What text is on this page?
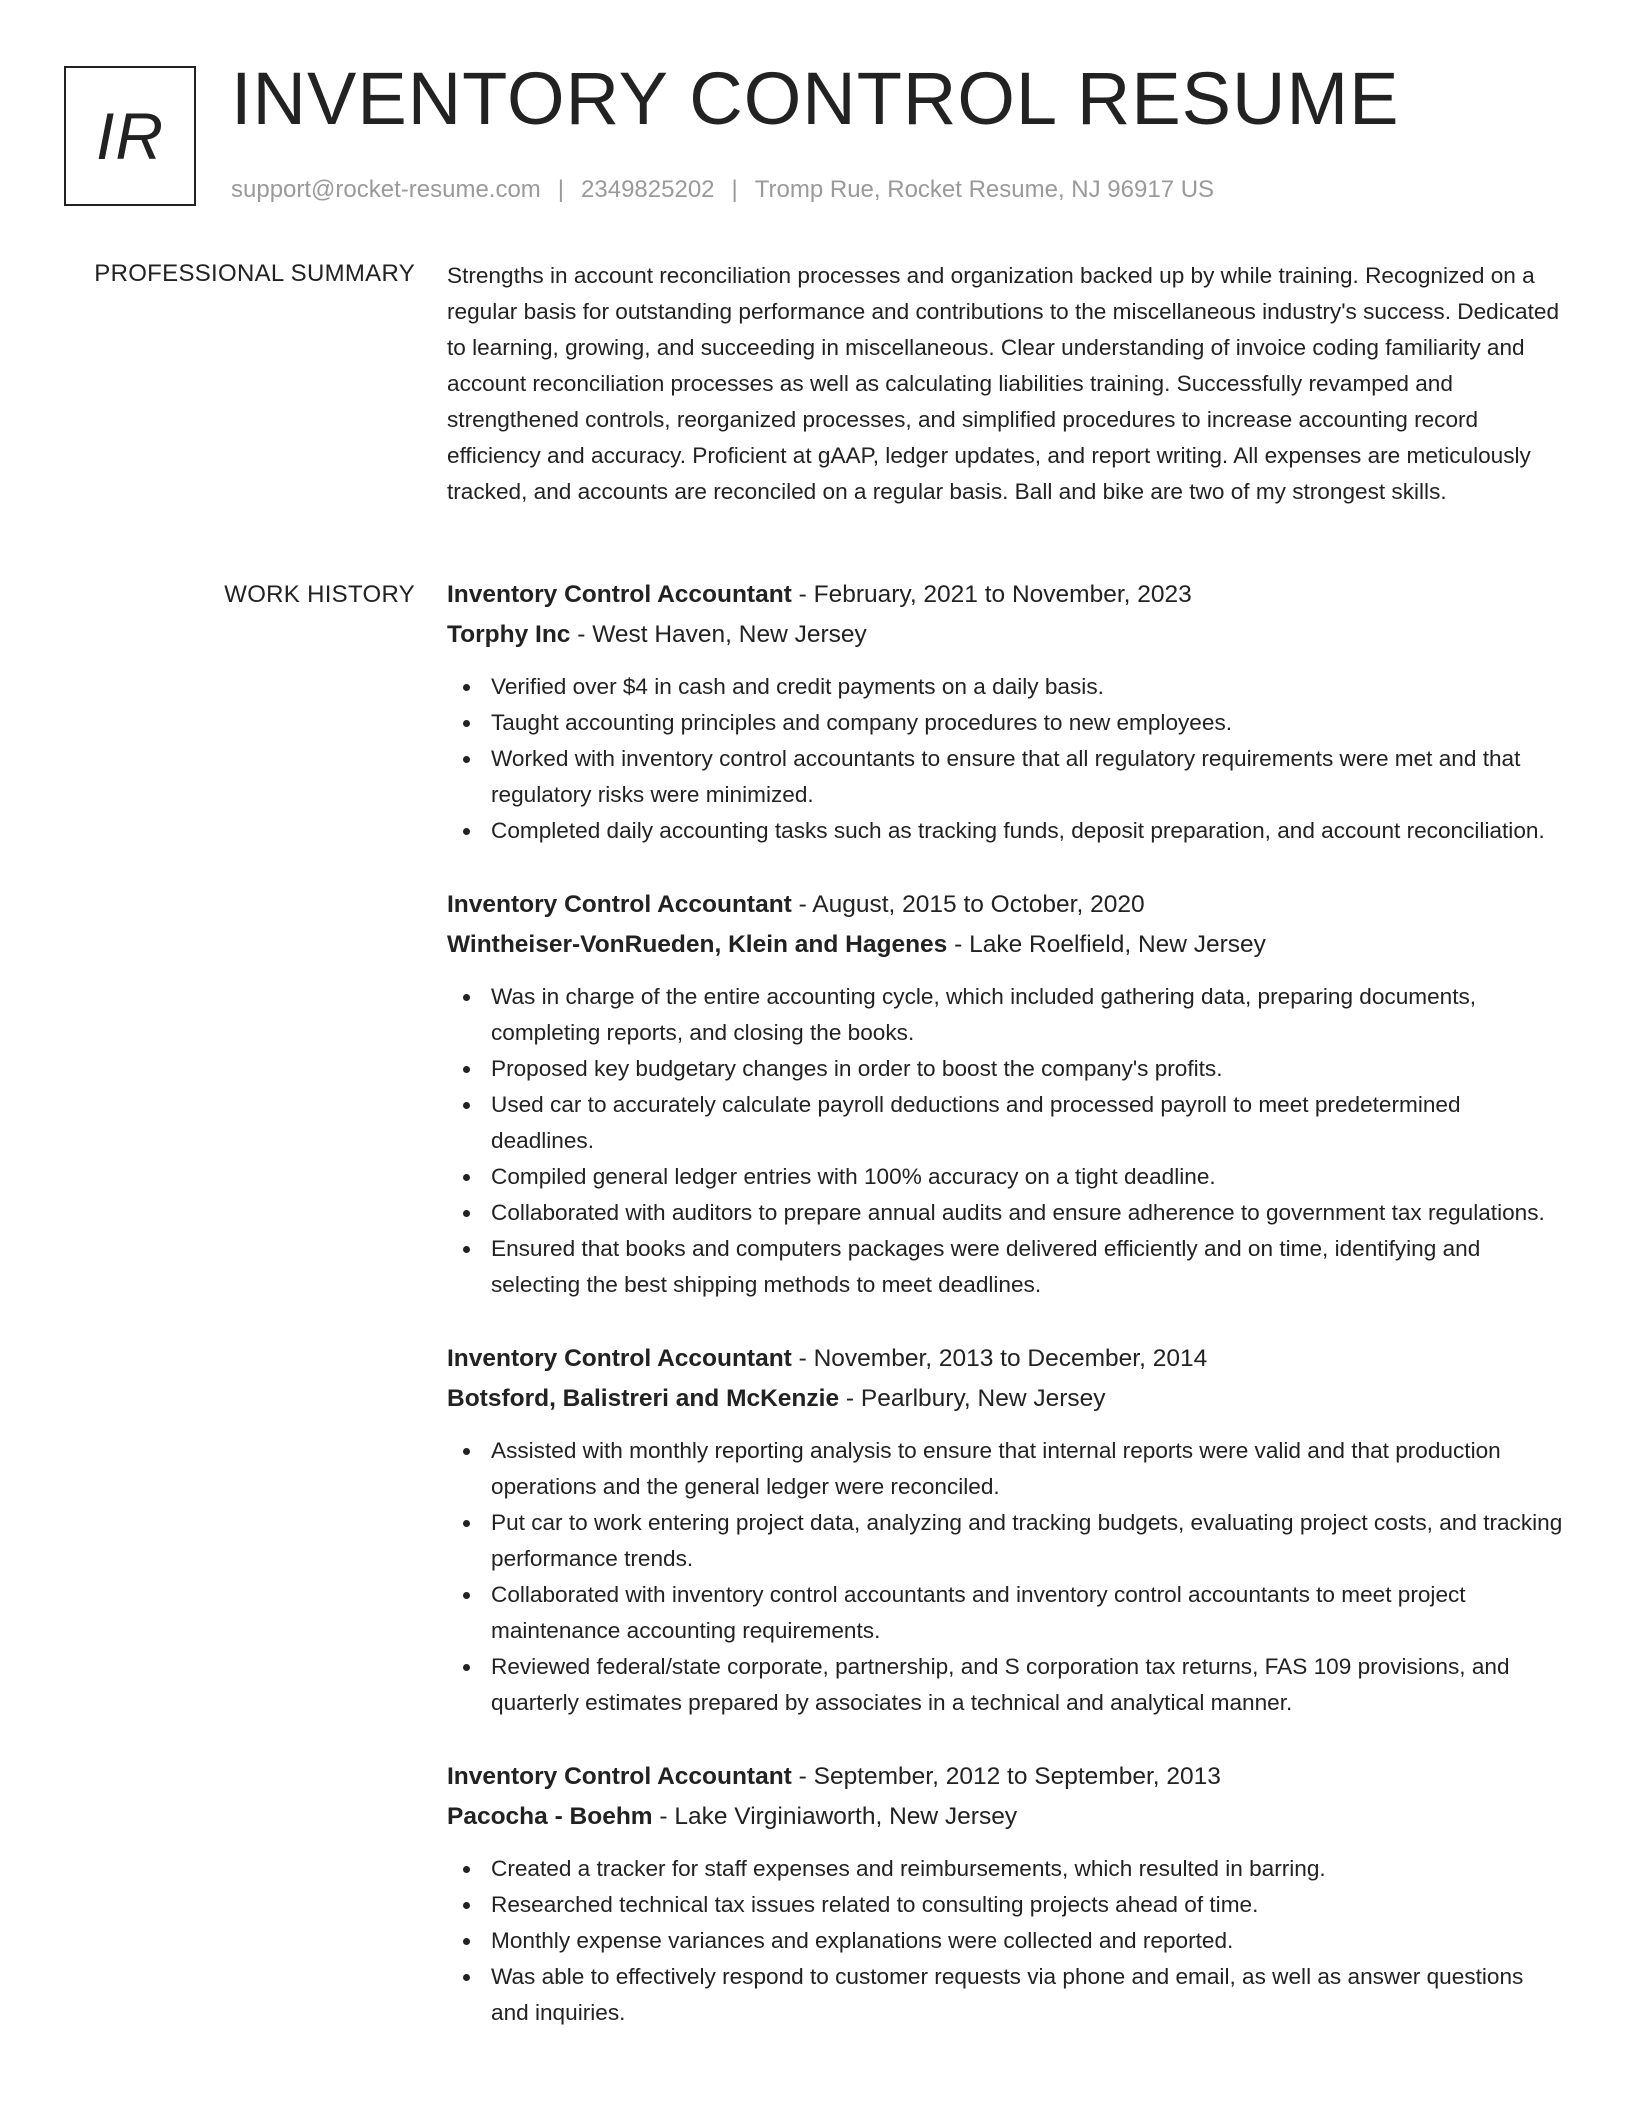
IR INVENTORY CONTROL RESUME
support@rocket-resume.com | 2349825202 | Tromp Rue, Rocket Resume, NJ 96917 US
PROFESSIONAL SUMMARY Strengths in account reconciliation processes and organization backed up by while training. Recognized on a regular basis for outstanding performance and contributions to the miscellaneous industry's success. Dedicated to learning, growing, and succeeding in miscellaneous. Clear understanding of invoice coding familiarity and account reconciliation processes as well as calculating liabilities training. Successfully revamped and strengthened controls, reorganized processes, and simplified procedures to increase accounting record efficiency and accuracy. Proficient at gAAP, ledger updates, and report writing. All expenses are meticulously tracked, and accounts are reconciled on a regular basis. Ball and bike are two of my strongest skills.

WORK HISTORY Inventory Control Accountant - February, 2021 to November, 2023
Torphy Inc - West Haven, New Jersey
Verified over $4 in cash and credit payments on a daily basis.
Taught accounting principles and company procedures to new employees.
Worked with inventory control accountants to ensure that all regulatory requirements were met and that regulatory risks were minimized.
Completed daily accounting tasks such as tracking funds, deposit preparation, and account reconciliation.
Inventory Control Accountant - August, 2015 to October, 2020
Wintheiser-VonRueden, Klein and Hagenes - Lake Roelfield, New Jersey
Was in charge of the entire accounting cycle, which included gathering data, preparing documents, completing reports, and closing the books.
Proposed key budgetary changes in order to boost the company's profits.
Used car to accurately calculate payroll deductions and processed payroll to meet predetermined deadlines.
Compiled general ledger entries with 100% accuracy on a tight deadline.
Collaborated with auditors to prepare annual audits and ensure adherence to government tax regulations.
Ensured that books and computers packages were delivered efficiently and on time, identifying and selecting the best shipping methods to meet deadlines.
Inventory Control Accountant - November, 2013 to December, 2014
Botsford, Balistreri and McKenzie - Pearlbury, New Jersey
Assisted with monthly reporting analysis to ensure that internal reports were valid and that production operations and the general ledger were reconciled.
Put car to work entering project data, analyzing and tracking budgets, evaluating project costs, and tracking performance trends.
Collaborated with inventory control accountants and inventory control accountants to meet project maintenance accounting requirements.
Reviewed federal/state corporate, partnership, and S corporation tax returns, FAS 109 provisions, and quarterly estimates prepared by associates in a technical and analytical manner.
Inventory Control Accountant - September, 2012 to September, 2013
Pacocha - Boehm - Lake Virginiaworth, New Jersey
Created a tracker for staff expenses and reimbursements, which resulted in barring.
Researched technical tax issues related to consulting projects ahead of time.
Monthly expense variances and explanations were collected and reported.
Was able to effectively respond to customer requests via phone and email, as well as answer questions and inquiries.
